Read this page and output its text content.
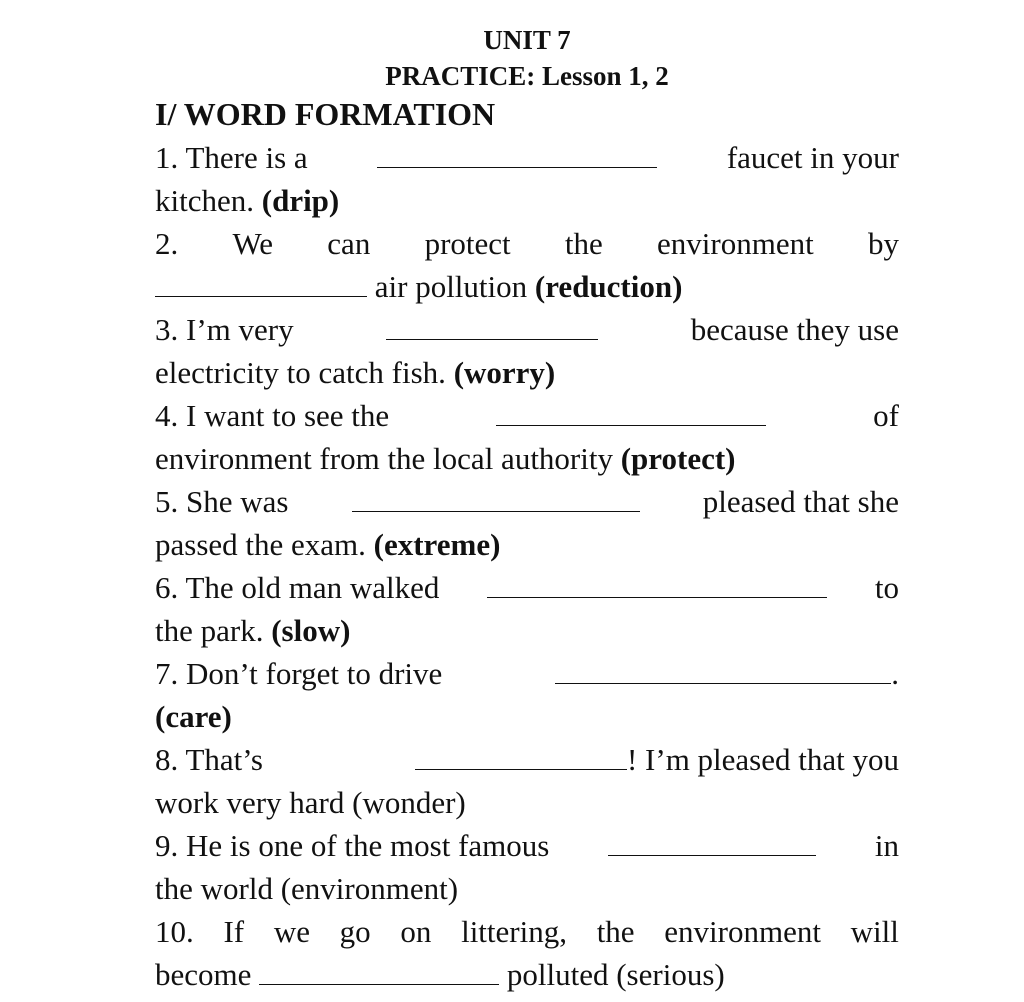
UNIT 7

PRACTICE: Lesson 1, 2

I/ WORD FORMATION

1. There is a	faucet in your
kitchen. (drip)
2. We can protect the environment by
air pollution (reduction)
3. I’m very	because they use
electricity to catch fish. (worry)
4. I want to see the	of
environment from the local authority (protect)
5. She was	pleased that she
passed the exam. (extreme)
6. The old man walked	to
the park. (slow)
7. Don’t forget to drive	.
(care)
8. That’s	! I’m pleased that you
work very hard (wonder)
9. He is one of the most famous	in
the world (environment)
10. If we go on littering, the environment will
become	polluted (serious)
